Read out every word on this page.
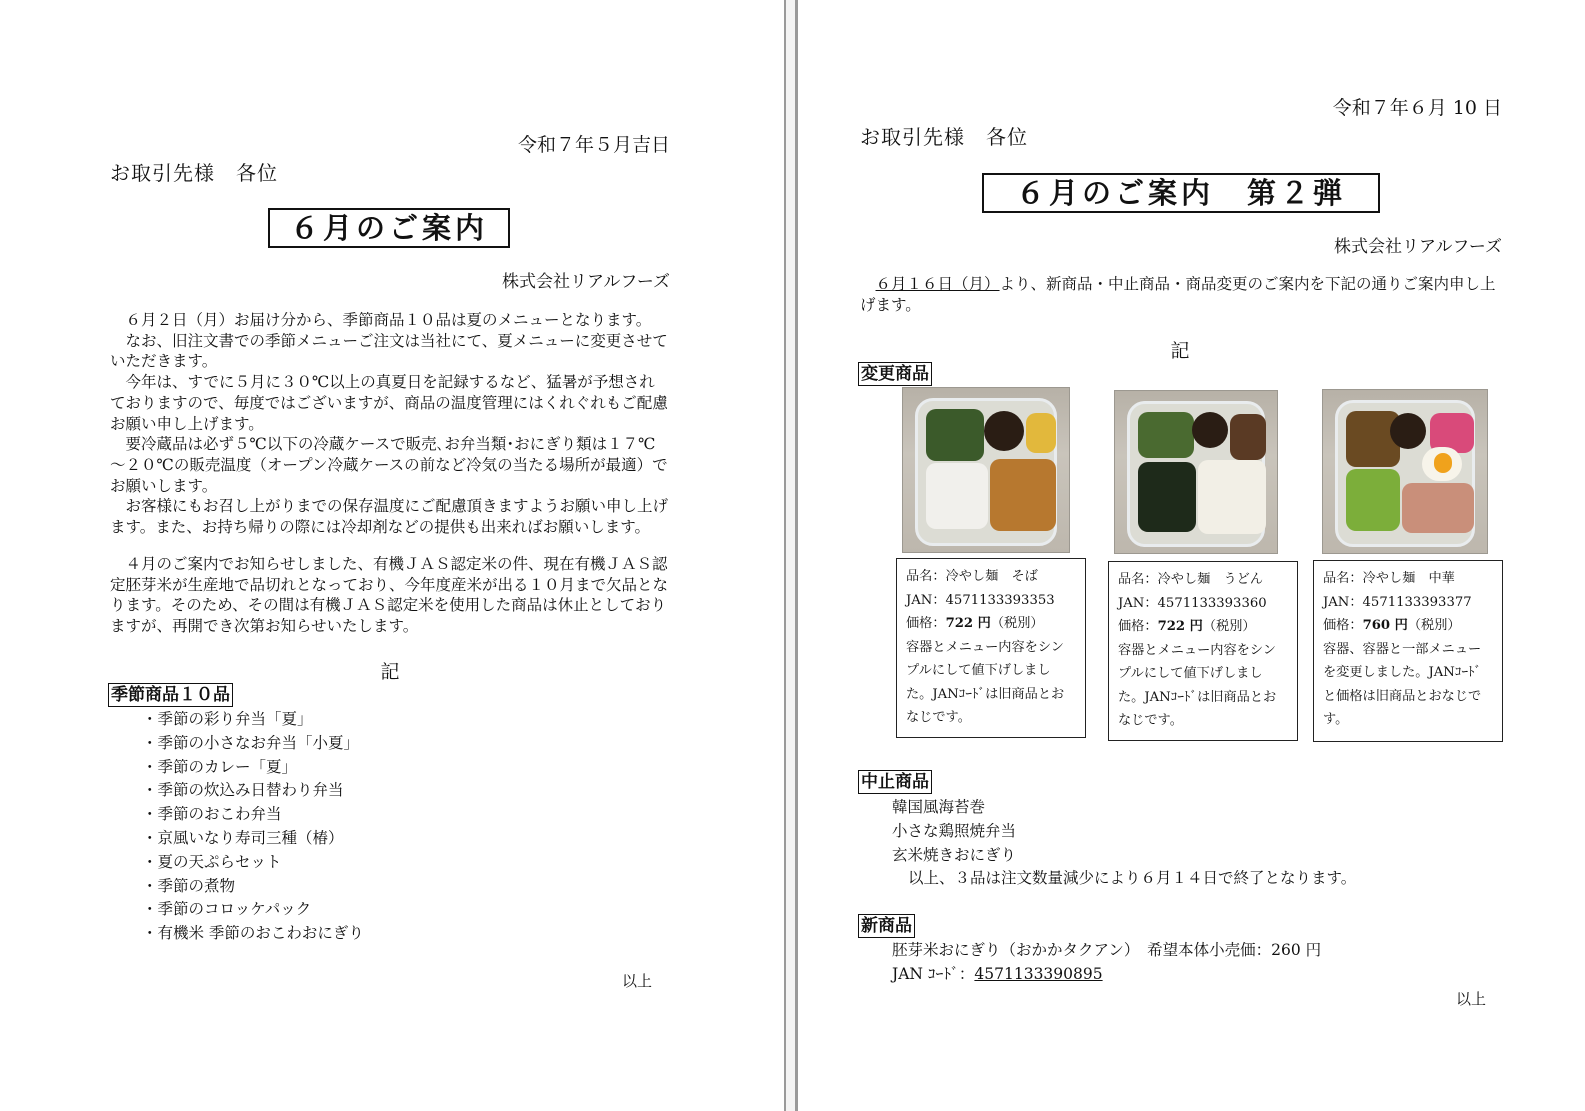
令和７年５月吉日
お取引先様　各位
６月のご案内
株式会社リアルフーズ

　６月２日（月）お届け分から、季節商品１０品は夏のメニューとなります。

　なお、旧注文書での季節メニューご注文は当社にて、夏メニューに変更させていただきます。

　今年は、すでに５月に３０℃以上の真夏日を記録するなど、猛暑が予想されておりますので、毎度ではございますが、商品の温度管理にはくれぐれもご配慮お願い申し上げます。

　要冷蔵品は必ず５℃以下の冷蔵ケースで販売､お弁当類･おにぎり類は１７℃～２０℃の販売温度（オープン冷蔵ケースの前など冷気の当たる場所が最適）でお願いします。

　お客様にもお召し上がりまでの保存温度にご配慮頂きますようお願い申し上げます。また、お持ち帰りの際には冷却剤などの提供も出来ればお願いします。

　４月のご案内でお知らせしました、有機ＪＡＳ認定米の件、現在有機ＪＡＳ認定胚芽米が生産地で品切れとなっており、今年度産米が出る１０月まで欠品となります。そのため、その間は有機ＪＡＳ認定米を使用した商品は休止としておりますが、再開でき次第お知らせいたします。

記
季節商品１０品
・季節の彩り弁当「夏」
・季節の小さなお弁当「小夏」
・季節のカレー「夏」
・季節の炊込み日替わり弁当
・季節のおこわ弁当
・京風いなり寿司三種（椿）
・夏の天ぷらセット
・季節の煮物
・季節のコロッケパック
・有機米 季節のおこわおにぎり
以上
令和７年６月 10 日
お取引先様　各位
６月のご案内　第２弾
株式会社リアルフーズ

　６月１６日（月）より、新商品・中止商品・商品変更のご案内を下記の通りご案内申し上げます。

記
変更商品

品名：冷やし麺　そば

JAN：4571133393353

価格：722 円（税別）

容器とメニュー内容をシンプルにして値下げしました。JANｺｰﾄﾞは旧商品とおなじです。

品名：冷やし麺　うどん

JAN：4571133393360

価格：722 円（税別）

容器とメニュー内容をシンプルにして値下げしました。JANｺｰﾄﾞは旧商品とおなじです。

品名：冷やし麺　中華

JAN：4571133393377

価格：760 円（税別）

容器、容器と一部メニューを変更しました。JANｺｰﾄﾞと価格は旧商品とおなじです。

中止商品
韓国風海苔巻
小さな鶏照焼弁当
玄米焼きおにぎり
以上、３品は注文数量減少により６月１４日で終了となります。
新商品
胚芽米おにぎり（おかかタクアン）　希望本体小売価：260 円
JAN ｺｰﾄﾞ：4571133390895
以上
